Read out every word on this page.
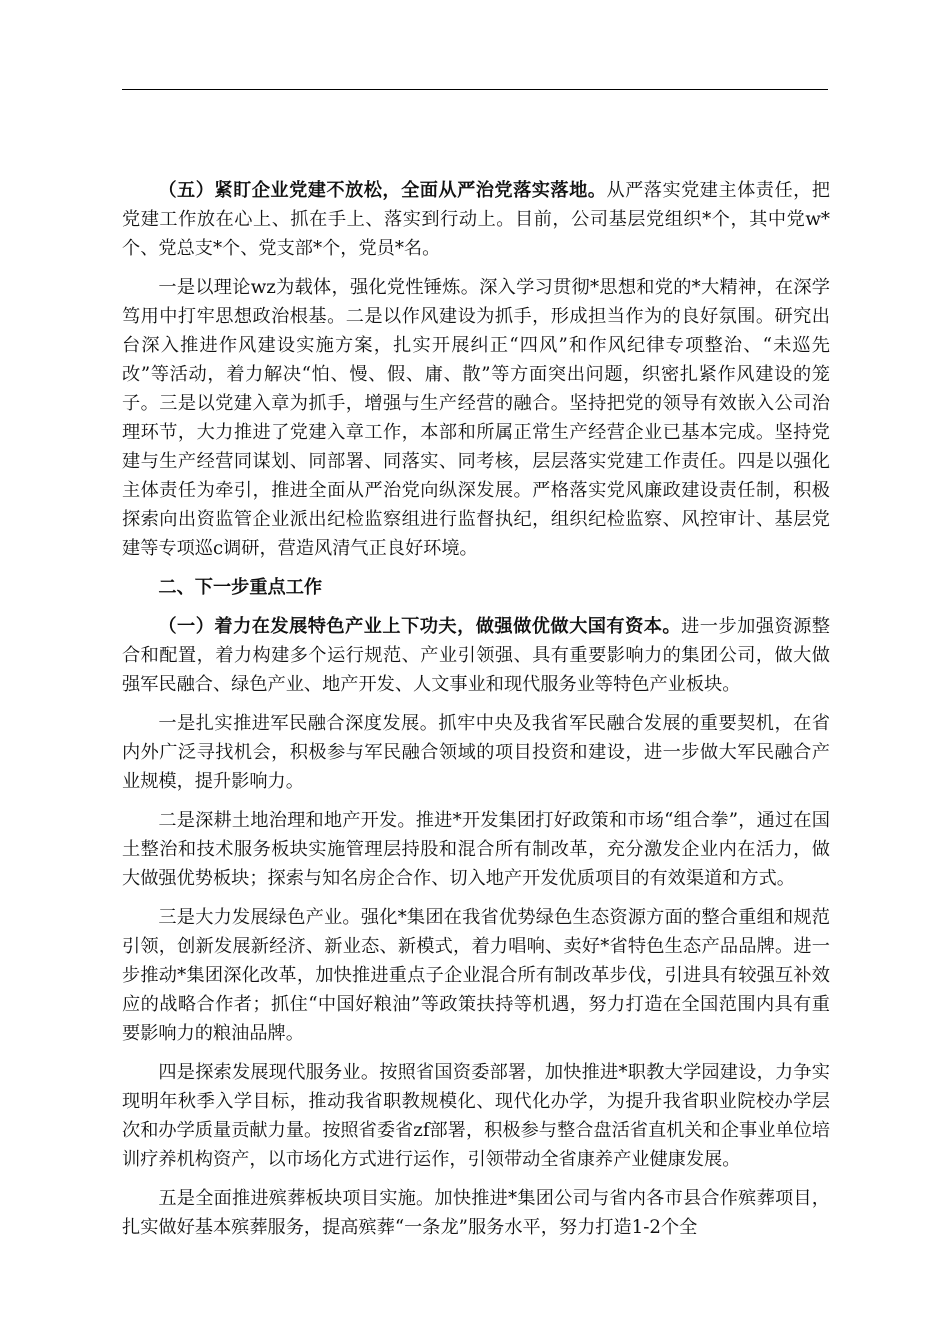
（五）紧盯企业党建不放松，全面从严治党落实落地。从严落实党建主体责任，把党建工作放在心上、抓在手上、落实到行动上。目前，公司基层党组织*个，其中党w*个、党总支*个、党支部*个，党员*名。

一是以理论wz为载体，强化党性锤炼。深入学习贯彻*思想和党的*大精神，在深学笃用中打牢思想政治根基。二是以作风建设为抓手，形成担当作为的良好氛围。研究出台深入推进作风建设实施方案，扎实开展纠正“四风”和作风纪律专项整治、“未巡先改”等活动，着力解决“怕、慢、假、庸、散”等方面突出问题，织密扎紧作风建设的笼子。三是以党建入章为抓手，增强与生产经营的融合。坚持把党的领导有效嵌入公司治理环节，大力推进了党建入章工作，本部和所属正常生产经营企业已基本完成。坚持党建与生产经营同谋划、同部署、同落实、同考核，层层落实党建工作责任。四是以强化主体责任为牵引，推进全面从严治党向纵深发展。严格落实党风廉政建设责任制，积极探索向出资监管企业派出纪检监察组进行监督执纪，组织纪检监察、风控审计、基层党建等专项巡c调研，营造风清气正良好环境。

二、下一步重点工作

（一）着力在发展特色产业上下功夫，做强做优做大国有资本。进一步加强资源整合和配置，着力构建多个运行规范、产业引领强、具有重要影响力的集团公司，做大做强军民融合、绿色产业、地产开发、人文事业和现代服务业等特色产业板块。

一是扎实推进军民融合深度发展。抓牢中央及我省军民融合发展的重要契机，在省内外广泛寻找机会，积极参与军民融合领域的项目投资和建设，进一步做大军民融合产业规模，提升影响力。

二是深耕土地治理和地产开发。推进*开发集团打好政策和市场“组合拳”，通过在国土整治和技术服务板块实施管理层持股和混合所有制改革，充分激发企业内在活力，做大做强优势板块；探索与知名房企合作、切入地产开发优质项目的有效渠道和方式。

三是大力发展绿色产业。强化*集团在我省优势绿色生态资源方面的整合重组和规范引领，创新发展新经济、新业态、新模式，着力唱响、卖好*省特色生态产品品牌。进一步推动*集团深化改革，加快推进重点子企业混合所有制改革步伐，引进具有较强互补效应的战略合作者；抓住“中国好粮油”等政策扶持等机遇，努力打造在全国范围内具有重要影响力的粮油品牌。

四是探索发展现代服务业。按照省国资委部署，加快推进*职教大学园建设，力争实现明年秋季入学目标，推动我省职教规模化、现代化办学，为提升我省职业院校办学层次和办学质量贡献力量。按照省委省zf部署，积极参与整合盘活省直机关和企事业单位培训疗养机构资产，以市场化方式进行运作，引领带动全省康养产业健康发展。

五是全面推进殡葬板块项目实施。加快推进*集团公司与省内各市县合作殡葬项目，扎实做好基本殡葬服务，提高殡葬“一条龙”服务水平，努力打造1-2个全
